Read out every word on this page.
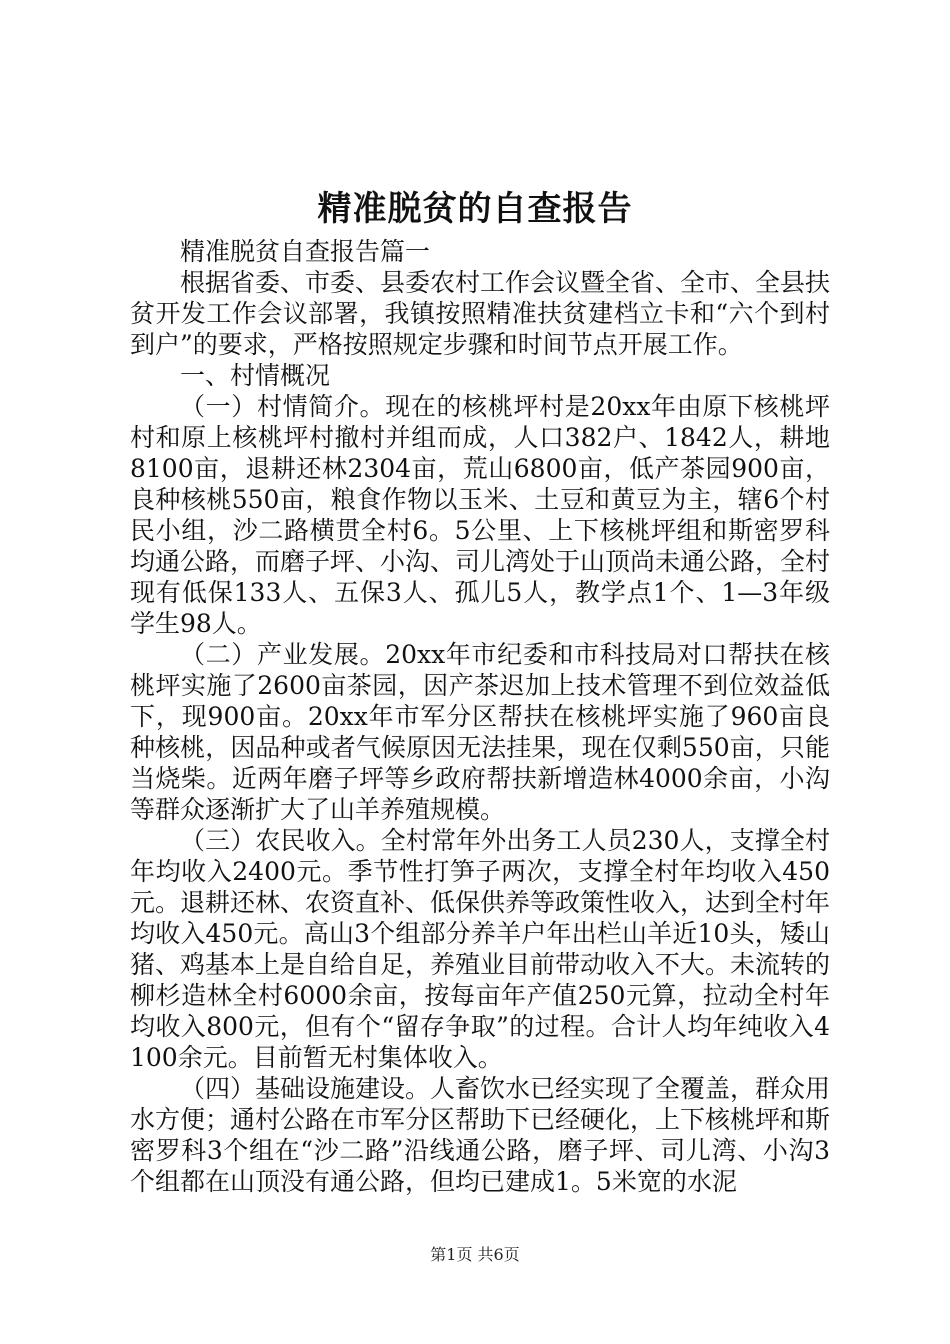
精准脱贫的自查报告

精准脱贫自查报告篇一

根据省委、市委、县委农村工作会议暨全省、全市、全县扶贫开发工作会议部署，我镇按照精准扶贫建档立卡和“六个到村到户”的要求，严格按照规定步骤和时间节点开展工作。

一、村情概况

（一）村情简介。现在的核桃坪村是20xx年由原下核桃坪村和原上核桃坪村撤村并组而成，人口382户、1842人，耕地8100亩，退耕还林2304亩，荒山6800亩，低产茶园900亩，良种核桃550亩，粮食作物以玉米、土豆和黄豆为主，辖6个村民小组，沙二路横贯全村6。5公里、上下核桃坪组和斯密罗科均通公路，而磨子坪、小沟、司儿湾处于山顶尚未通公路，全村现有低保133人、五保3人、孤儿5人，教学点1个、1—3年级学生98人。

（二）产业发展。20xx年市纪委和市科技局对口帮扶在核桃坪实施了2600亩茶园，因产茶迟加上技术管理不到位效益低下，现900亩。20xx年市军分区帮扶在核桃坪实施了960亩良种核桃，因品种或者气候原因无法挂果，现在仅剩550亩，只能当烧柴。近两年磨子坪等乡政府帮扶新增造林4000余亩，小沟等群众逐渐扩大了山羊养殖规模。

（三）农民收入。全村常年外出务工人员230人，支撑全村年均收入2400元。季节性打笋子两次，支撑全村年均收入450元。退耕还林、农资直补、低保供养等政策性收入，达到全村年均收入450元。高山3个组部分养羊户年出栏山羊近10头，矮山猪、鸡基本上是自给自足，养殖业目前带动收入不大。未流转的柳杉造林全村6000余亩，按每亩年产值250元算，拉动全村年均收入800元，但有个“留存争取”的过程。合计人均年纯收入4100余元。目前暂无村集体收入。

（四）基础设施建设。人畜饮水已经实现了全覆盖，群众用水方便；通村公路在市军分区帮助下已经硬化，上下核桃坪和斯密罗科3个组在“沙二路”沿线通公路，磨子坪、司儿湾、小沟3个组都在山顶没有通公路，但均已建成1。5米宽的水泥

第1页 共6页
